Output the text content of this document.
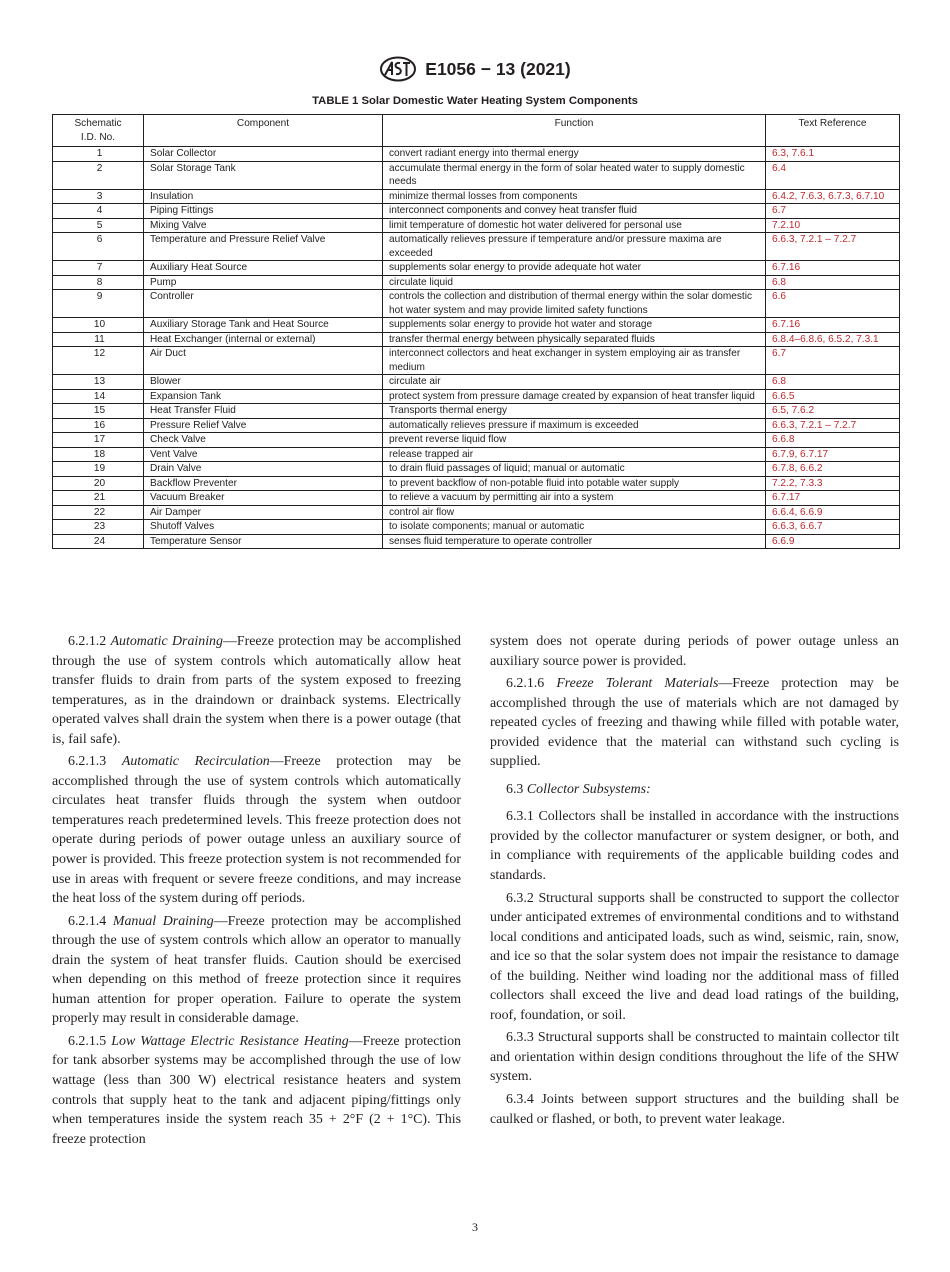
E1056 − 13 (2021)
TABLE 1 Solar Domestic Water Heating System Components
Schematic I.D. No.	Component	Function	Text Reference
1	Solar Collector	convert radiant energy into thermal energy	6.3, 7.6.1
2	Solar Storage Tank	accumulate thermal energy in the form of solar heated water to supply domestic needs	6.4
3	Insulation	minimize thermal losses from components	6.4.2, 7.6.3, 6.7.3, 6.7.10
4	Piping Fittings	interconnect components and convey heat transfer fluid	6.7
5	Mixing Valve	limit temperature of domestic hot water delivered for personal use	7.2.10
6	Temperature and Pressure Relief Valve	automatically relieves pressure if temperature and/or pressure maxima are exceeded	6.6.3, 7.2.1 – 7.2.7
7	Auxiliary Heat Source	supplements solar energy to provide adequate hot water	6.7.16
8	Pump	circulate liquid	6.8
9	Controller	controls the collection and distribution of thermal energy within the solar domestic hot water system and may provide limited safety functions	6.6
10	Auxiliary Storage Tank and Heat Source	supplements solar energy to provide hot water and storage	6.7.16
11	Heat Exchanger (internal or external)	transfer thermal energy between physically separated fluids	6.8.4–6.8.6, 6.5.2, 7.3.1
12	Air Duct	interconnect collectors and heat exchanger in system employing air as transfer medium	6.7
13	Blower	circulate air	6.8
14	Expansion Tank	protect system from pressure damage created by expansion of heat transfer liquid	6.6.5
15	Heat Transfer Fluid	Transports thermal energy	6.5, 7.6.2
16	Pressure Relief Valve	automatically relieves pressure if maximum is exceeded	6.6.3, 7.2.1 – 7.2.7
17	Check Valve	prevent reverse liquid flow	6.6.8
18	Vent Valve	release trapped air	6.7.9, 6.7.17
19	Drain Valve	to drain fluid passages of liquid; manual or automatic	6.7.8, 6.6.2
20	Backflow Preventer	to prevent backflow of non-potable fluid into potable water supply	7.2.2, 7.3.3
21	Vacuum Breaker	to relieve a vacuum by permitting air into a system	6.7.17
22	Air Damper	control air flow	6.6.4, 6.6.9
23	Shutoff Valves	to isolate components; manual or automatic	6.6.3, 6.6.7
24	Temperature Sensor	senses fluid temperature to operate controller	6.6.9

6.2.1.2 Automatic Draining—Freeze protection may be accomplished through the use of system controls which automatically allow heat transfer fluids to drain from parts of the system exposed to freezing temperatures, as in the draindown or drainback systems. Electrically operated valves shall drain the system when there is a power outage (that is, fail safe).

6.2.1.3 Automatic Recirculation—Freeze protection may be accomplished through the use of system controls which automatically circulates heat transfer fluids through the system when outdoor temperatures reach predetermined levels. This freeze protection does not operate during periods of power outage unless an auxiliary source of power is provided. This freeze protection system is not recommended for use in areas with frequent or severe freeze conditions, and may increase the heat loss of the system during off periods.

6.2.1.4 Manual Draining—Freeze protection may be accomplished through the use of system controls which allow an operator to manually drain the system of heat transfer fluids. Caution should be exercised when depending on this method of freeze protection since it requires human attention for proper operation. Failure to operate the system properly may result in considerable damage.

6.2.1.5 Low Wattage Electric Resistance Heating—Freeze protection for tank absorber systems may be accomplished through the use of low wattage (less than 300 W) electrical resistance heaters and system controls that supply heat to the tank and adjacent piping/fittings only when temperatures inside the system reach 35 + 2°F (2 + 1°C). This freeze protection

system does not operate during periods of power outage unless an auxiliary source power is provided.

6.2.1.6 Freeze Tolerant Materials—Freeze protection may be accomplished through the use of materials which are not damaged by repeated cycles of freezing and thawing while filled with potable water, provided evidence that the material can withstand such cycling is supplied.

6.3 Collector Subsystems:

6.3.1 Collectors shall be installed in accordance with the instructions provided by the collector manufacturer or system designer, or both, and in compliance with requirements of the applicable building codes and standards.

6.3.2 Structural supports shall be constructed to support the collector under anticipated extremes of environmental conditions and to withstand local conditions and anticipated loads, such as wind, seismic, rain, snow, and ice so that the solar system does not impair the resistance to damage of the building. Neither wind loading nor the additional mass of filled collectors shall exceed the live and dead load ratings of the building, roof, foundation, or soil.

6.3.3 Structural supports shall be constructed to maintain collector tilt and orientation within design conditions throughout the life of the SHW system.

6.3.4 Joints between support structures and the building shall be caulked or flashed, or both, to prevent water leakage.

3
